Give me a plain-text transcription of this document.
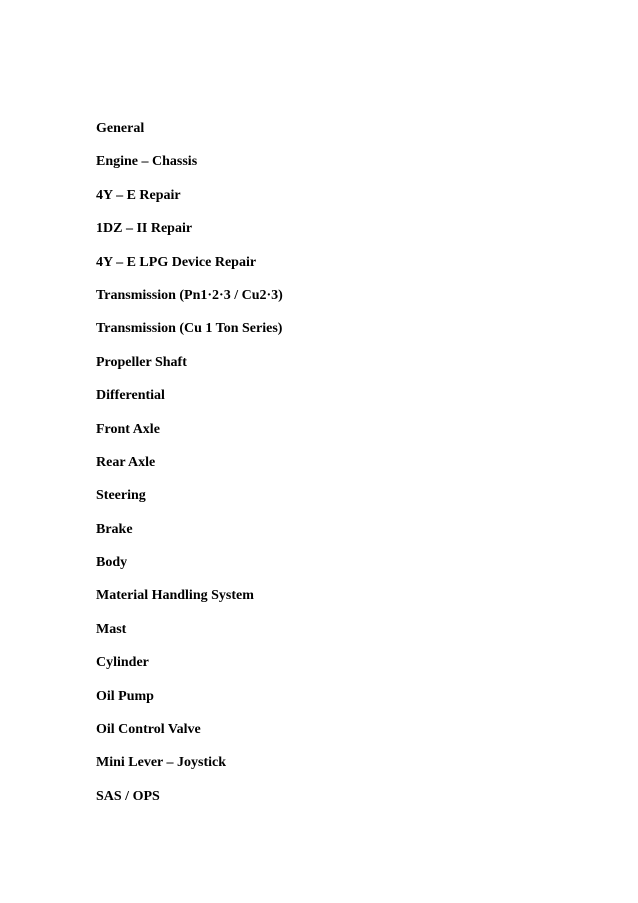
General
Engine – Chassis
4Y – E Repair
1DZ – II Repair
4Y – E LPG Device Repair
Transmission (Pn1·2·3 / Cu2·3)
Transmission (Cu 1 Ton Series)
Propeller Shaft
Differential
Front Axle
Rear Axle
Steering
Brake
Body
Material Handling System
Mast
Cylinder
Oil Pump
Oil Control Valve
Mini Lever – Joystick
SAS / OPS
